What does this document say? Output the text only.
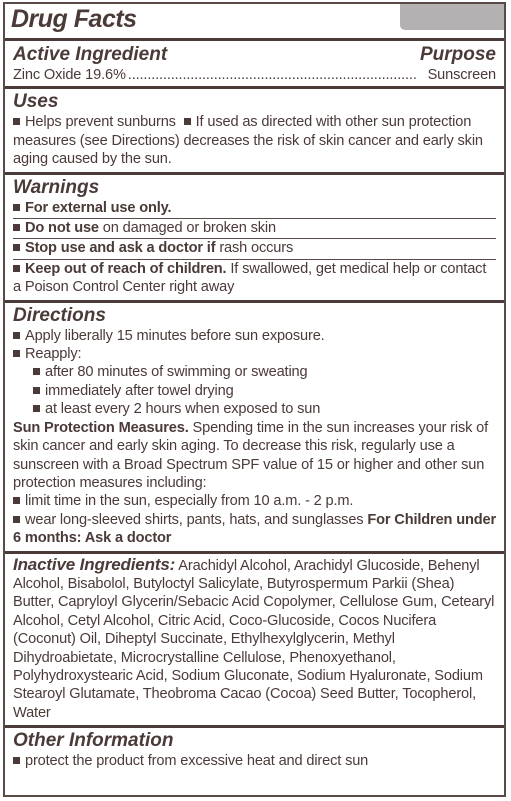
Drug Facts
Active Ingredient	Purpose
Zinc Oxide 19.6% .......................................................................... Sunscreen
Uses
Helps prevent sunburns If used as directed with other sun protection measures (see Directions) decreases the risk of skin cancer and early skin aging caused by the sun.
Warnings
For external use only.
Do not use on damaged or broken skin
Stop use and ask a doctor if rash occurs
Keep out of reach of children. If swallowed, get medical help or contact a Poison Control Center right away
Directions
Apply liberally 15 minutes before sun exposure.
Reapply:
after 80 minutes of swimming or sweating
immediately after towel drying
at least every 2 hours when exposed to sun
Sun Protection Measures. Spending time in the sun increases your risk of skin cancer and early skin aging. To decrease this risk, regularly use a sunscreen with a Broad Spectrum SPF value of 15 or higher and other sun protection measures including:
limit time in the sun, especially from 10 a.m. - 2 p.m.
wear long-sleeved shirts, pants, hats, and sunglasses For Children under 6 months: Ask a doctor
Inactive Ingredients: Arachidyl Alcohol, Arachidyl Glucoside, Behenyl Alcohol, Bisabolol, Butyloctyl Salicylate, Butyrospermum Parkii (Shea) Butter, Capryloyl Glycerin/Sebacic Acid Copolymer, Cellulose Gum, Cetearyl Alcohol, Cetyl Alcohol, Citric Acid, Coco-Glucoside, Cocos Nucifera (Coconut) Oil, Diheptyl Succinate, Ethylhexylglycerin, Methyl Dihydroabietate, Microcrystalline Cellulose, Phenoxyethanol, Polyhydroxystearic Acid, Sodium Gluconate, Sodium Hyaluronate, Sodium Stearoyl Glutamate, Theobroma Cacao (Cocoa) Seed Butter, Tocopherol, Water
Other Information
protect the product from excessive heat and direct sun
